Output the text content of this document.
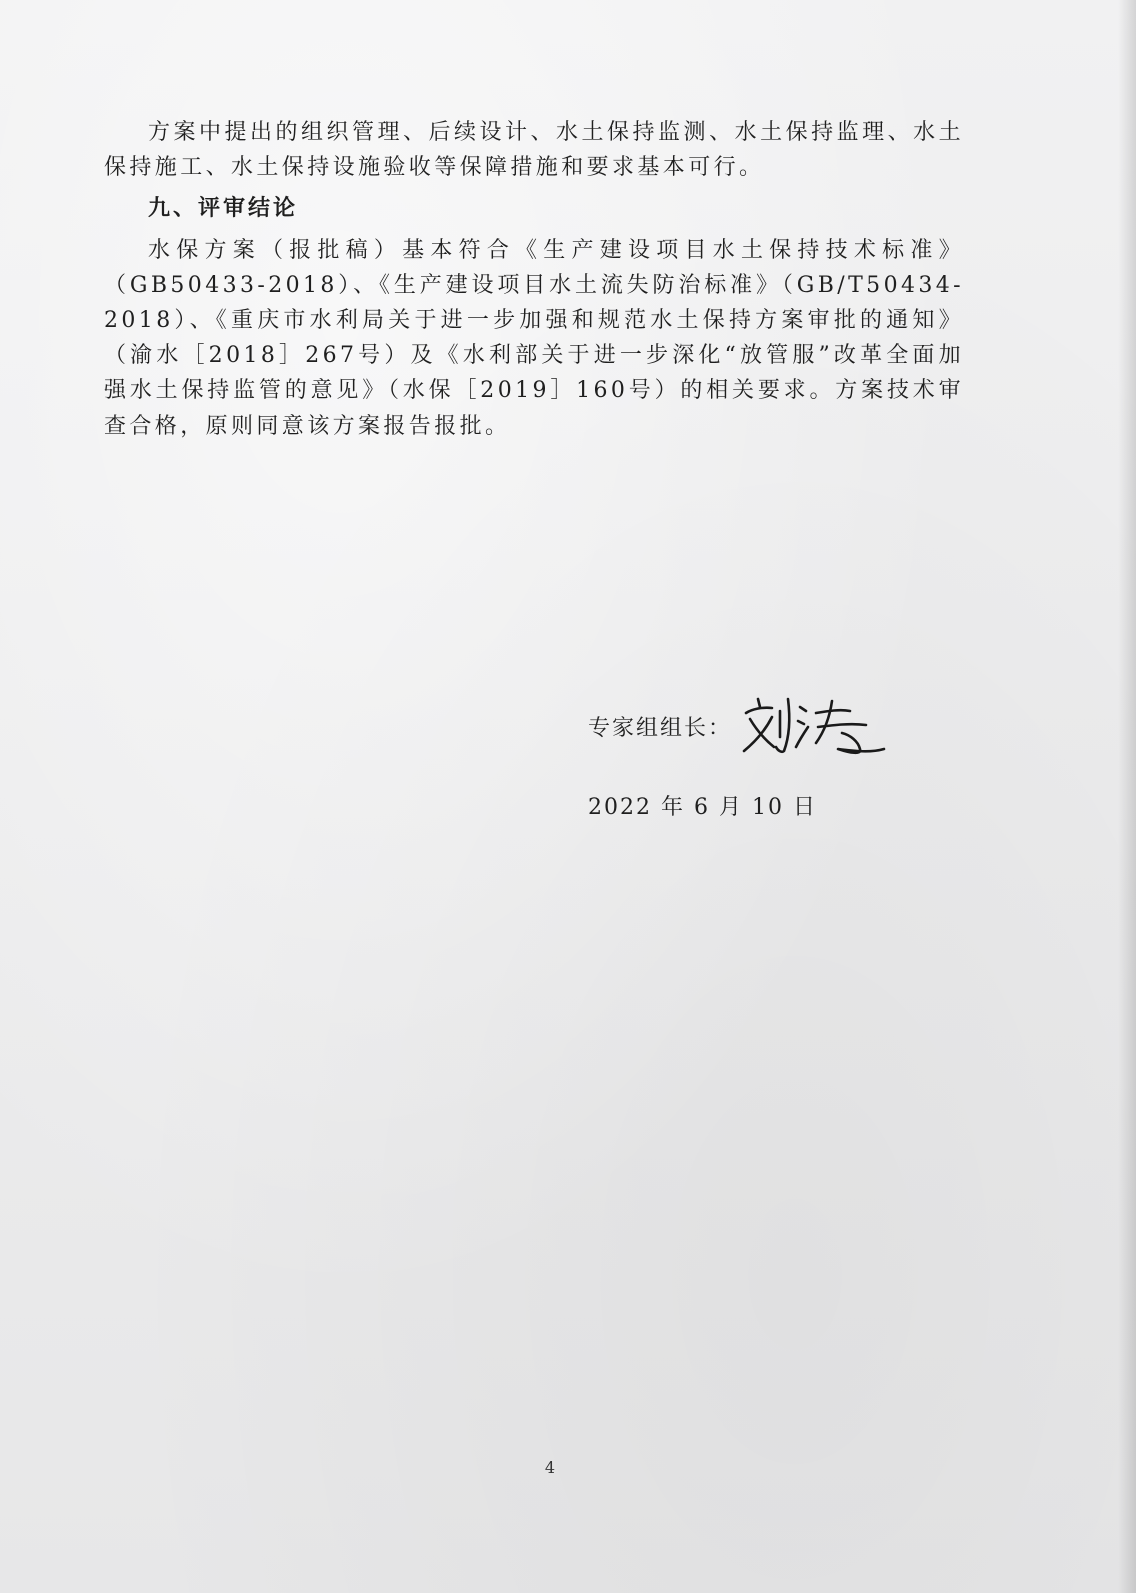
方案中提出的组织管理、后续设计、水土保持监测、水土保持监理、水土保持施工、水土保持设施验收等保障措施和要求基本可行。

九、评审结论

水保方案（报批稿）基本符合《生产建设项目水土保持技术标准》（GB50433-2018）、《生产建设项目水土流失防治标准》（GB/T50434-2018）、《重庆市水利局关于进一步加强和规范水土保持方案审批的通知》（渝水［2018］267号）及《水利部关于进一步深化“放管服”改革全面加强水土保持监管的意见》（水保［2019］160号）的相关要求。方案技术审查合格，原则同意该方案报告报批。

专家组组长：
2022 年 6 月 10 日
4
